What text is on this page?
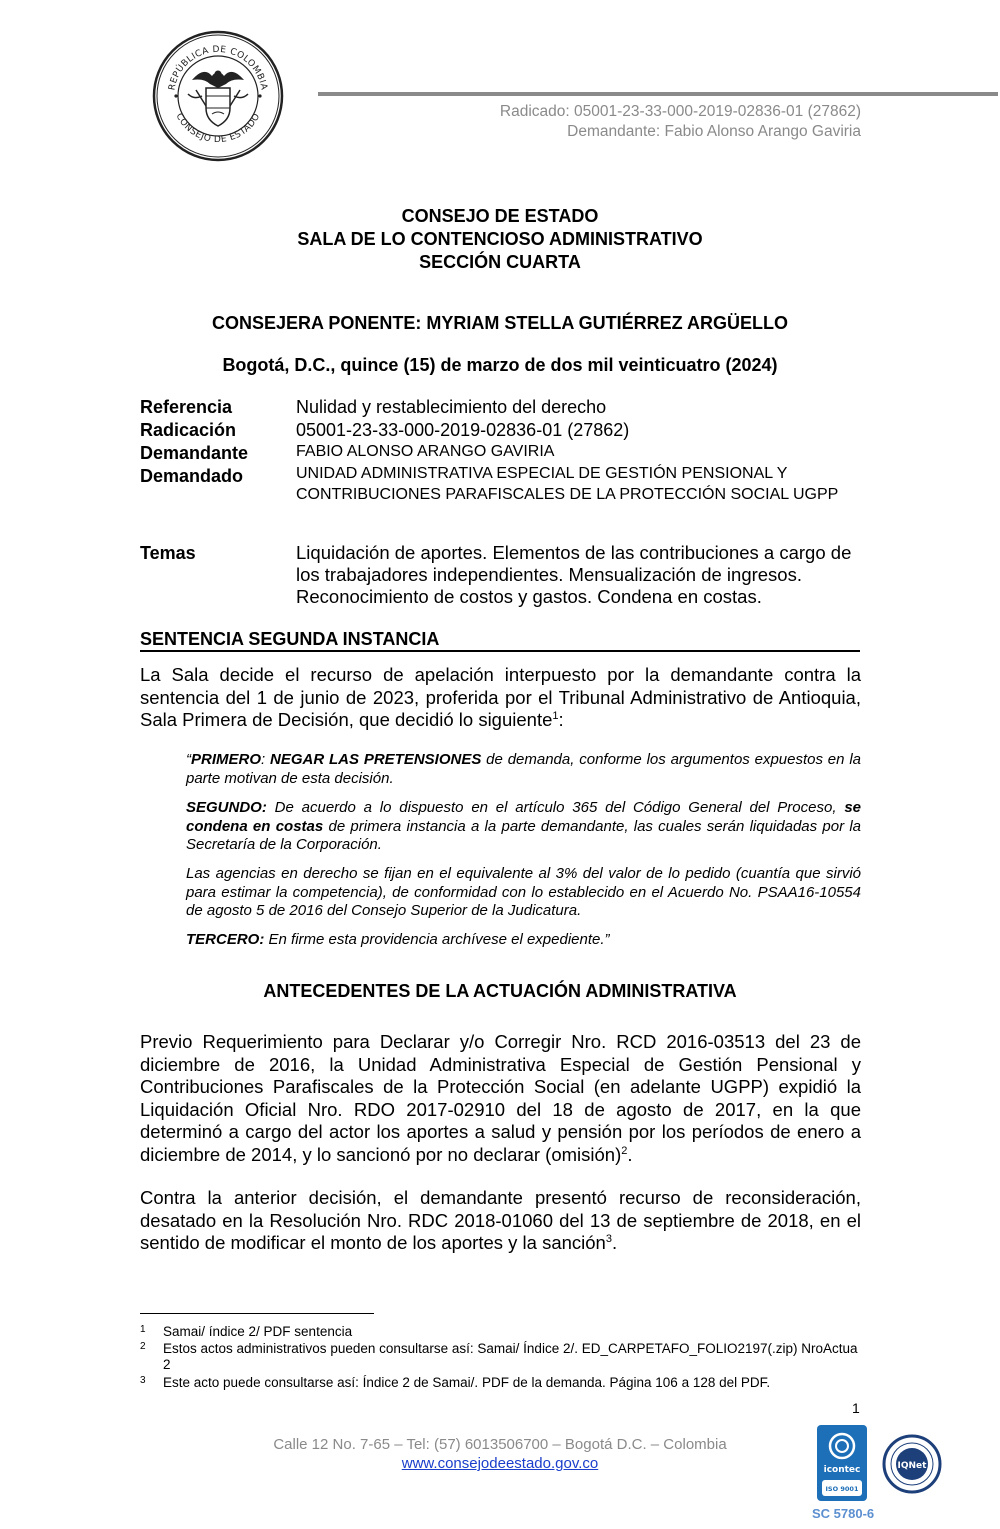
REPÚBLICA DE COLOMBIA
CONSEJO DE ESTADO	Radicado: 05001-23-33-000-2019-02836-01 (27862)
Demandante: Fabio Alonso Arango Gaviria
CONSEJO DE ESTADO
SALA DE LO CONTENCIOSO ADMINISTRATIVO
SECCIÓN CUARTA
CONSEJERA PONENTE: MYRIAM STELLA GUTIÉRREZ ARGÜELLO
Bogotá, D.C., quince (15) de marzo de dos mil veinticuatro (2024)
Referencia	Nulidad y restablecimiento del derecho
Radicación	05001-23-33-000-2019-02836-01 (27862)
Demandante	FABIO ALONSO ARANGO GAVIRIA
Demandado	UNIDAD ADMINISTRATIVA ESPECIAL DE GESTIÓN PENSIONAL Y CONTRIBUCIONES PARAFISCALES DE LA PROTECCIÓN SOCIAL UGPP
Temas	Liquidación de aportes. Elementos de las contribuciones a cargo de los trabajadores independientes. Mensualización de ingresos. Reconocimiento de costos y gastos. Condena en costas.
SENTENCIA SEGUNDA INSTANCIA
La Sala decide el recurso de apelación interpuesto por la demandante contra la sentencia del 1 de junio de 2023, proferida por el Tribunal Administrativo de Antioquia, Sala Primera de Decisión, que decidió lo siguiente$^1$:
“PRIMERO: NEGAR LAS PRETENSIONES de demanda, conforme los argumentos expuestos en la parte motivan de esta decisión.
SEGUNDO: De acuerdo a lo dispuesto en el artículo 365 del Código General del Proceso, se condena en costas de primera instancia a la parte demandante, las cuales serán liquidadas por la Secretaría de la Corporación.
Las agencias en derecho se fijan en el equivalente al 3% del valor de lo pedido (cuantía que sirvió para estimar la competencia), de conformidad con lo establecido en el Acuerdo No. PSAA16-10554 de agosto 5 de 2016 del Consejo Superior de la Judicatura.
TERCERO: En firme esta providencia archívese el expediente.”
ANTECEDENTES DE LA ACTUACIÓN ADMINISTRATIVA
Previo Requerimiento para Declarar y/o Corregir Nro. RCD 2016-03513 del 23 de diciembre de 2016, la Unidad Administrativa Especial de Gestión Pensional y Contribuciones Parafiscales de la Protección Social (en adelante UGPP) expidió la Liquidación Oficial Nro. RDO 2017-02910 del 18 de agosto de 2017, en la que determinó a cargo del actor los aportes a salud y pensión por los períodos de enero a diciembre de 2014, y lo sancionó por no declarar (omisión)$^2$.
Contra la anterior decisión, el demandante presentó recurso de reconsideración, desatado en la Resolución Nro. RDC 2018-01060 del 13 de septiembre de 2018, en el sentido de modificar el monto de los aportes y la sanción$^3$.
1 Samai/ índice 2/ PDF sentencia
2 Estos actos administrativos pueden consultarse así: Samai/ Índice 2/. ED_CARPETAFO_FOLIO2197(.zip) NroActua 2
3 Este acto puede consultarse así: Índice 2 de Samai/. PDF de la demanda. Página 106 a 128 del PDF.
1
Calle 12 No. 7-65 – Tel: (57) 6013506700 – Bogotá D.C. – Colombia
www.consejodeestado.gov.co	icontec
ISO 9001
IQNet
SC 5780-6
